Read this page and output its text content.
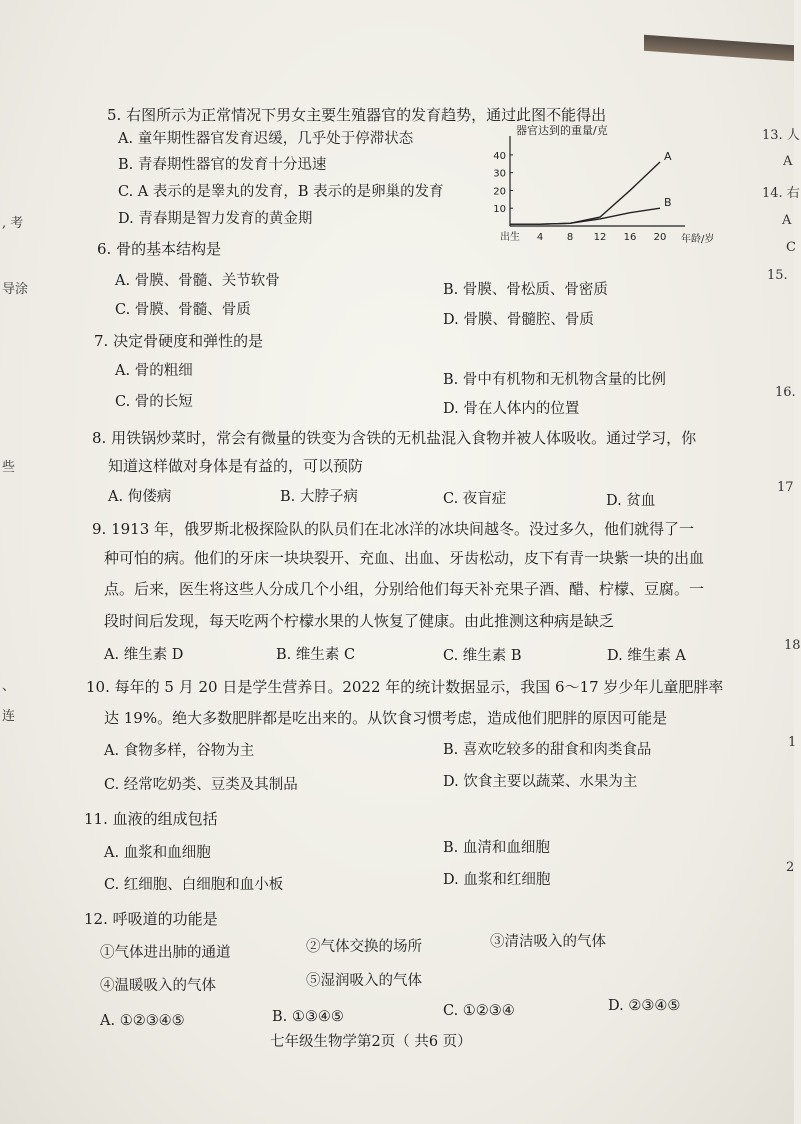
, 考
导涂
些
、
连
13. 人
A
14. 右
A
C
15.
16.
17
18
1
2
5. 右图所示为正常情况下男女主要生殖器官的发育趋势，通过此图不能得出
A. 童年期性器官发育迟缓，几乎处于停滞状态
B. 青春期性器官的发育十分迅速
C. A 表示的是睾丸的发育，B 表示的是卵巢的发育
D. 青春期是智力发育的黄金期
器官达到的重量/克
年龄/岁
出生 4 8 12 16 20
10
20
30
40	A
B
6. 骨的基本结构是
A. 骨膜、骨髓、关节软骨
B. 骨膜、骨松质、骨密质
C. 骨膜、骨髓、骨质
D. 骨膜、骨髓腔、骨质
7. 决定骨硬度和弹性的是
A. 骨的粗细
B. 骨中有机物和无机物含量的比例
C. 骨的长短	D. 骨在人体内的位置
8. 用铁锅炒菜时，常会有微量的铁变为含铁的无机盐混入食物并被人体吸收。通过学习，你
知道这样做对身体是有益的，可以预防
A. 佝偻病	B. 大脖子病	C. 夜盲症	D. 贫血
9. 1913 年，俄罗斯北极探险队的队员们在北冰洋的冰块间越冬。没过多久，他们就得了一
种可怕的病。他们的牙床一块块裂开、充血、出血、牙齿松动，皮下有青一块紫一块的出血
点。后来，医生将这些人分成几个小组，分别给他们每天补充果子酒、醋、柠檬、豆腐。一
段时间后发现，每天吃两个柠檬水果的人恢复了健康。由此推测这种病是缺乏
A. 维生素 D	B. 维生素 C	C. 维生素 B	D. 维生素 A
10. 每年的 5 月 20 日是学生营养日。2022 年的统计数据显示，我国 6～17 岁少年儿童肥胖率
达 19%。绝大多数肥胖都是吃出来的。从饮食习惯考虑，造成他们肥胖的原因可能是
A. 食物多样，谷物为主	B. 喜欢吃较多的甜食和肉类食品
C. 经常吃奶类、豆类及其制品	D. 饮食主要以蔬菜、水果为主
11. 血液的组成包括
A. 血浆和血细胞	B. 血清和血细胞
C. 红细胞、白细胞和血小板	D. 血浆和红细胞
12. 呼吸道的功能是
①气体进出肺的通道	②气体交换的场所	③清洁吸入的气体
④温暖吸入的气体	⑤湿润吸入的气体
A. ①②③④⑤	B. ①③④⑤	C. ①②③④	D. ②③④⑤
七年级生物学第2页（ 共6 页）
